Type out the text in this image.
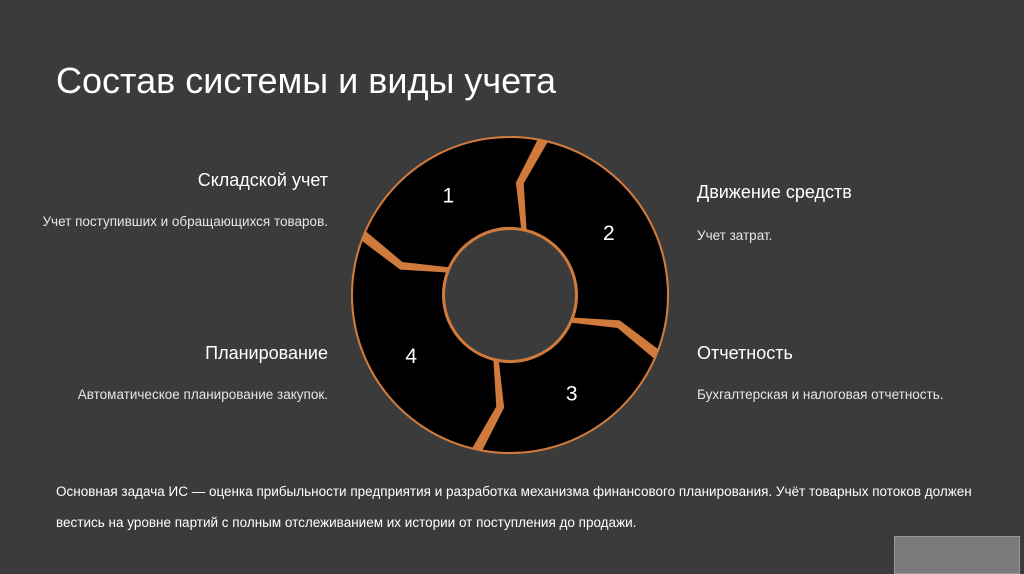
Состав системы и виды учета
Складской учет
Учет поступивших и обращающихся товаров.
Движение средств
Учет затрат.
Планирование
Автоматическое планирование закупок.
Отчетность
Бухгалтерская и налоговая отчетность.
1
2
3
4
Основная задача ИС — оценка прибыльности предприятия и разработка механизма финансового планирования. Учёт товарных потоков должен вестись на уровне партий с полным отслеживанием их истории от поступления до продажи.
